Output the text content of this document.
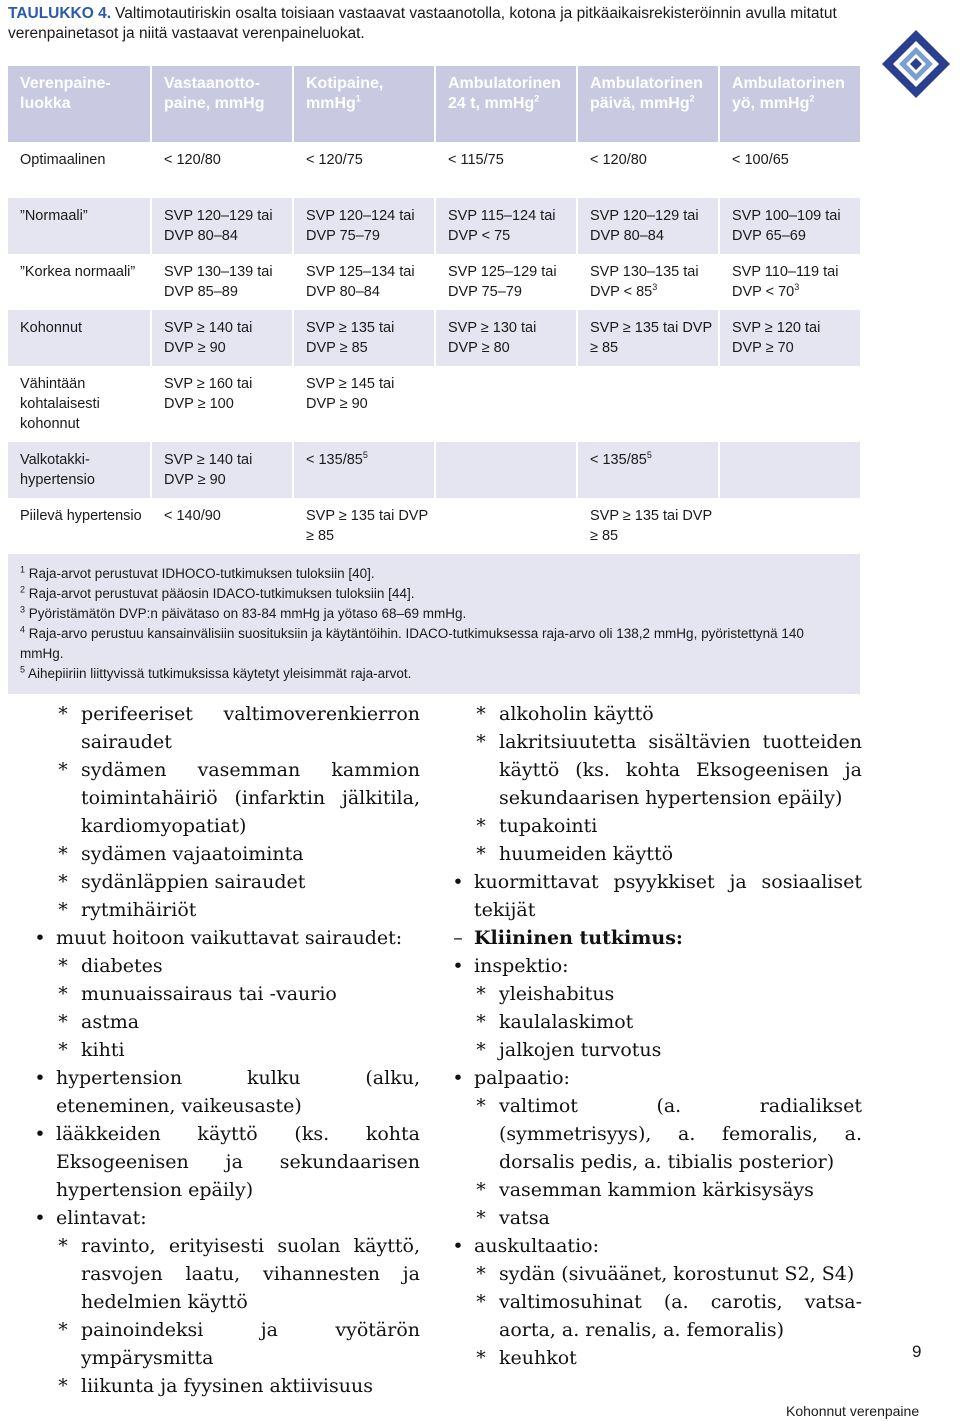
TAULUKKO 4. Valtimotautiriskin osalta toisiaan vastaavat vastaanotolla, kotona ja pitkäaikaisrekisteröinnin avulla mitatut verenpainetasot ja niitä vastaavat verenpaineluokat.
Verenpaine-luokka	Vastaanotto-paine, mmHg	Kotipaine, mmHg$^1$	Ambulatorinen 24 t, mmHg$^2$	Ambulatorinen päivä, mmHg$^2$	Ambulatorinen yö, mmHg$^2$
Optimaalinen	< 120/80	< 120/75	< 115/75	< 120/80	< 100/65
”Normaali”	SVP 120–129 tai DVP 80–84	SVP 120–124 tai DVP 75–79	SVP 115–124 tai DVP < 75	SVP 120–129 tai DVP 80–84	SVP 100–109 tai DVP 65–69
”Korkea normaali”	SVP 130–139 tai DVP 85–89	SVP 125–134 tai DVP 80–84	SVP 125–129 tai DVP 75–79	SVP 130–135 tai DVP < $85^3$	SVP 110–119 tai DVP < $70^3$
Kohonnut	SVP ≥ 140 tai DVP ≥ 90	SVP ≥ 135 tai DVP ≥ 85	SVP ≥ 130 tai DVP ≥ 80	SVP ≥ 135 tai DVP ≥ 85	SVP ≥ 120 tai DVP ≥ 70
Vähintään kohtalaisesti kohonnut	SVP ≥ 160 tai DVP ≥ 100	SVP ≥ 145 tai DVP ≥ 90			
Valkotakki-hypertensio	SVP ≥ 140 tai DVP ≥ 90	< $135/85^5$		< $135/85^5$	
Piilevä hypertensio	< 140/90	SVP ≥ 135 tai DVP ≥ 85		SVP ≥ 135 tai DVP ≥ 85	

$^1$ Raja-arvot perustuvat IDHOCO-tutkimuksen tuloksiin [40].
$^2$ Raja-arvot perustuvat pääosin IDACO-tutkimuksen tuloksiin [44].
$^3$ Pyöristämätön DVP:n päivätaso on 83-84 mmHg ja yötaso 68–69 mmHg.
$^4$ Raja-arvo perustuu kansainvälisiin suosituksiin ja käytäntöihin. IDACO-tutkimuksessa raja-arvo oli 138,2 mmHg, pyöristettynä 140 mmHg.
$^5$ Aihepiiriin liittyvissä tutkimuksissa käytetyt yleisimmät raja-arvot.					
* perifeeriset valtimoverenkierron sairaudet
* sydämen vasemman kammion toimintahäiriö (infarktin jälkitila, kardiomyopatiat)
* sydämen vajaatoiminta
* sydänläppien sairaudet
* rytmihäiriöt
• muut hoitoon vaikuttavat sairaudet:
* diabetes
* munuaissairaus tai -vaurio
* astma
* kihti
• hypertension kulku (alku, eteneminen, vaikeusaste)
• lääkkeiden käyttö (ks. kohta Eksogeenisen ja sekundaarisen hypertension epäily)
• elintavat:
* ravinto, erityisesti suolan käyttö, rasvojen laatu, vihannesten ja hedelmien käyttö
* painoindeksi ja vyötärön ympärysmitta
* liikunta ja fyysinen aktiivisuus
* alkoholin käyttö
* lakritsiuutetta sisältävien tuotteiden käyttö (ks. kohta Eksogeenisen ja sekundaarisen hypertension epäily)
* tupakointi
* huumeiden käyttö
• kuormittavat psyykkiset ja sosiaaliset tekijät
– Kliininen tutkimus:
• inspektio:
* yleishabitus
* kaulalaskimot
* jalkojen turvotus
• palpaatio:
* valtimot (a. radialikset (symmetrisyys), a. femoralis, a. dorsalis pedis, a. tibialis posterior)
* vasemman kammion kärkisysäys
* vatsa
• auskultaatio:
* sydän (sivuäänet, korostunut S2, S4)
* valtimosuhinat (a. carotis, vatsa-aorta, a. renalis, a. femoralis)
* keuhkot	9
Kohonnut verenpaine
